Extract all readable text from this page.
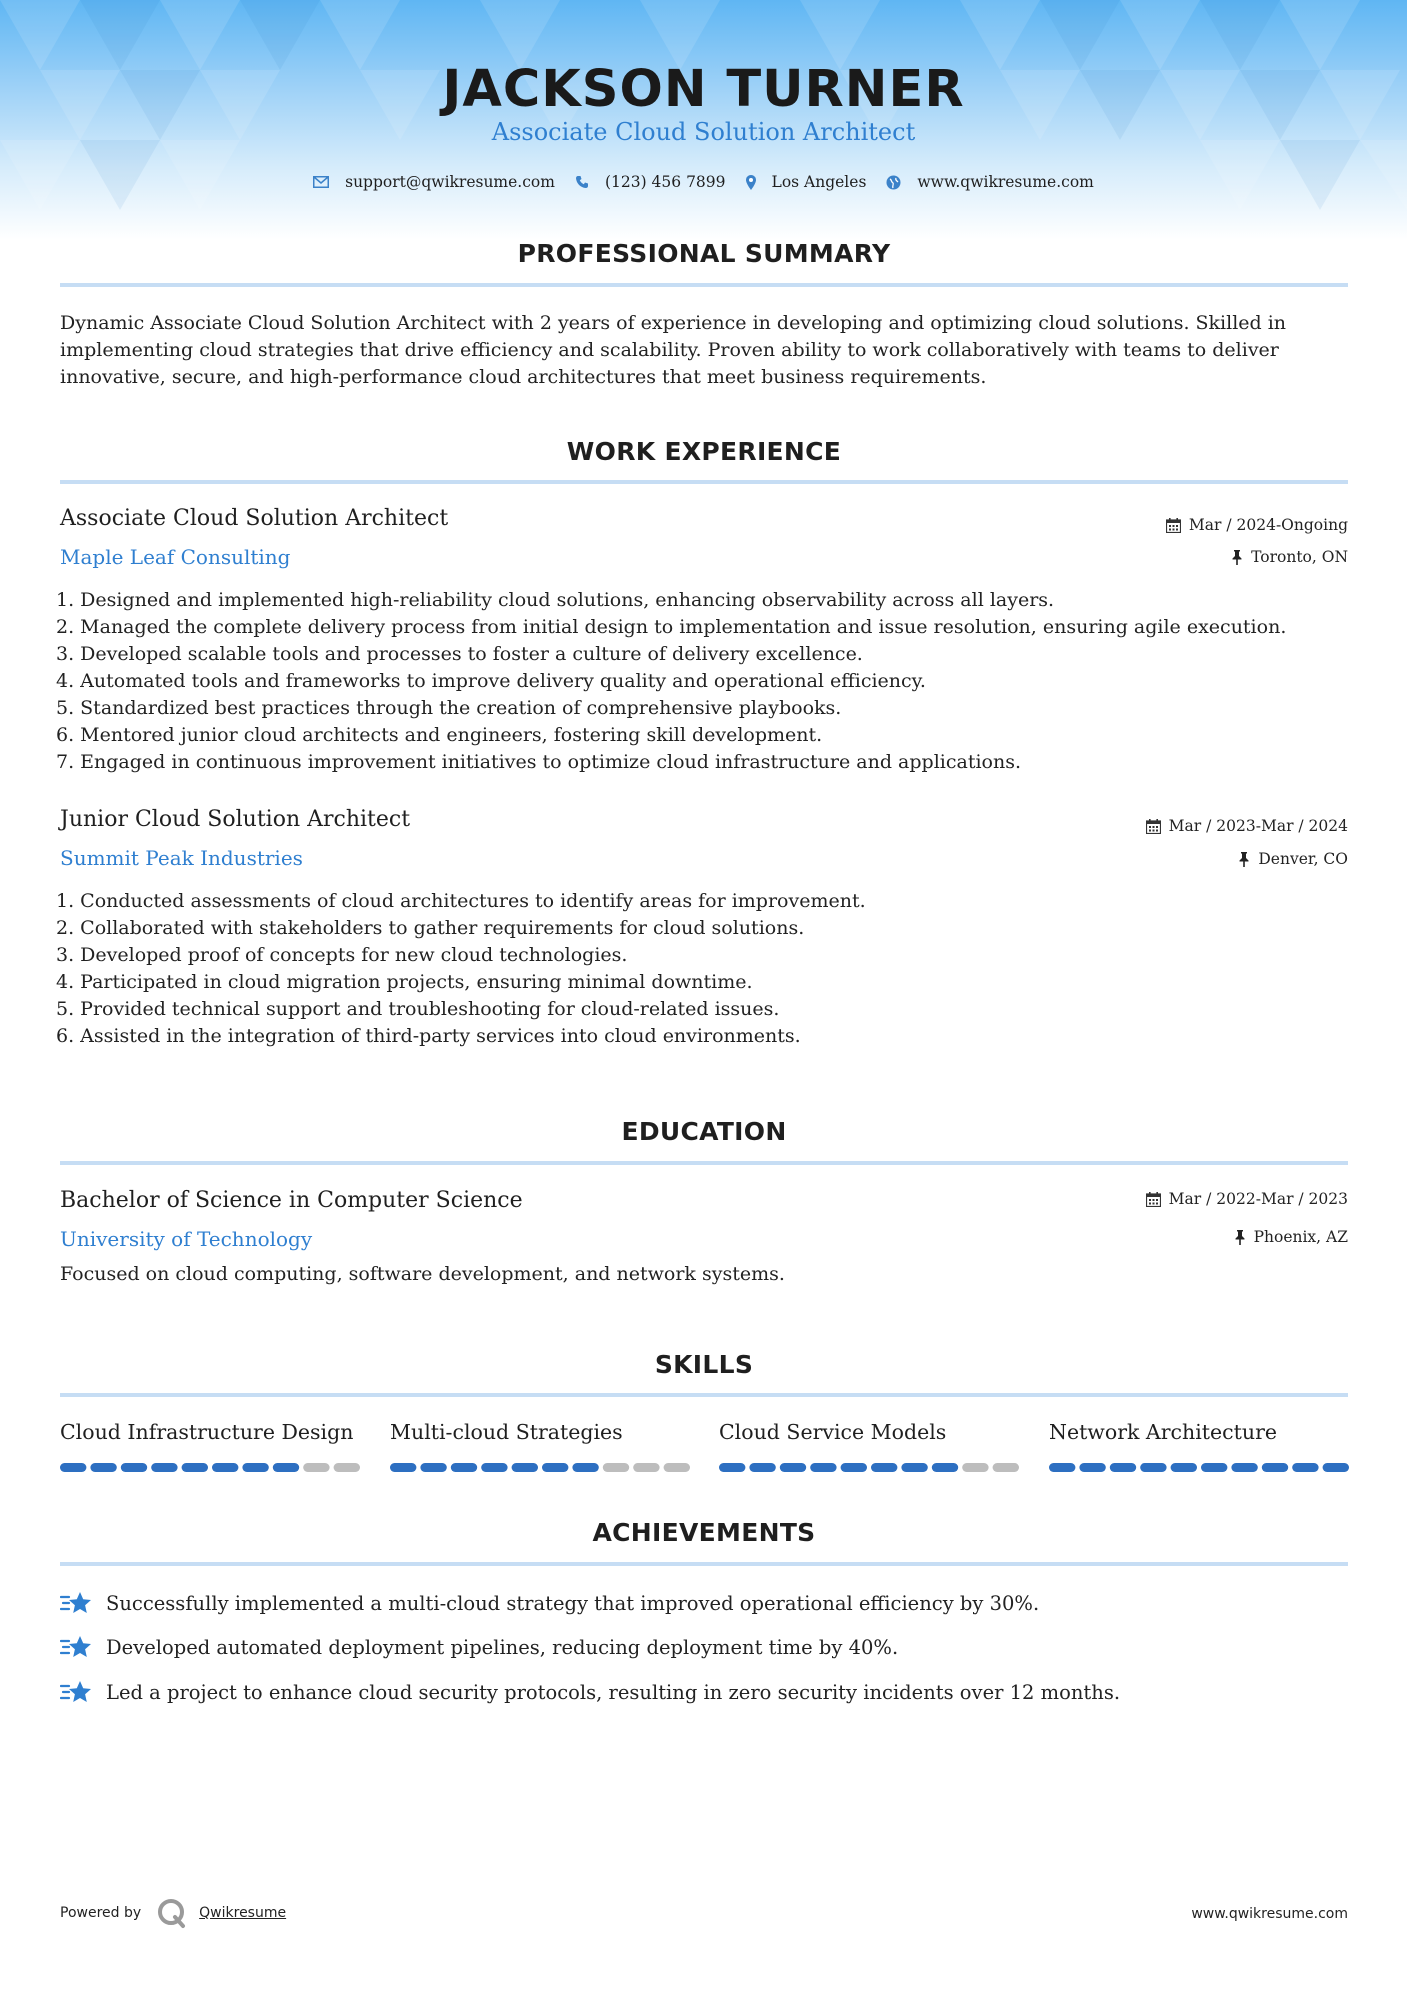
JACKSON TURNER
Associate Cloud Solution Architect
support@qwikresume.com	(123) 456 7899	Los Angeles	www.qwikresume.com
PROFESSIONAL SUMMARY
Dynamic Associate Cloud Solution Architect with 2 years of experience in developing and optimizing cloud solutions. Skilled in implementing cloud strategies that drive efficiency and scalability. Proven ability to work collaboratively with teams to deliver innovative, secure, and high-performance cloud architectures that meet business requirements.
WORK EXPERIENCE
Associate Cloud Solution Architect
Maple Leaf Consulting
Mar / 2024-Ongoing
Toronto, ON
1. Designed and implemented high-reliability cloud solutions, enhancing observability across all layers.
2. Managed the complete delivery process from initial design to implementation and issue resolution, ensuring agile execution.
3. Developed scalable tools and processes to foster a culture of delivery excellence.
4. Automated tools and frameworks to improve delivery quality and operational efficiency.
5. Standardized best practices through the creation of comprehensive playbooks.
6. Mentored junior cloud architects and engineers, fostering skill development.
7. Engaged in continuous improvement initiatives to optimize cloud infrastructure and applications.
Junior Cloud Solution Architect
Summit Peak Industries
Mar / 2023-Mar / 2024
Denver, CO
1. Conducted assessments of cloud architectures to identify areas for improvement.
2. Collaborated with stakeholders to gather requirements for cloud solutions.
3. Developed proof of concepts for new cloud technologies.
4. Participated in cloud migration projects, ensuring minimal downtime.
5. Provided technical support and troubleshooting for cloud-related issues.
6. Assisted in the integration of third-party services into cloud environments.
EDUCATION
Bachelor of Science in Computer Science
University of Technology
Mar / 2022-Mar / 2023
Phoenix, AZ
Focused on cloud computing, software development, and network systems.
SKILLS
Cloud Infrastructure Design	Multi-cloud Strategies	Cloud Service Models	Network Architecture
ACHIEVEMENTS
Successfully implemented a multi-cloud strategy that improved operational efficiency by 30%.
Developed automated deployment pipelines, reducing deployment time by 40%.
Led a project to enhance cloud security protocols, resulting in zero security incidents over 12 months.
Powered by	Qwikresume	www.qwikresume.com
